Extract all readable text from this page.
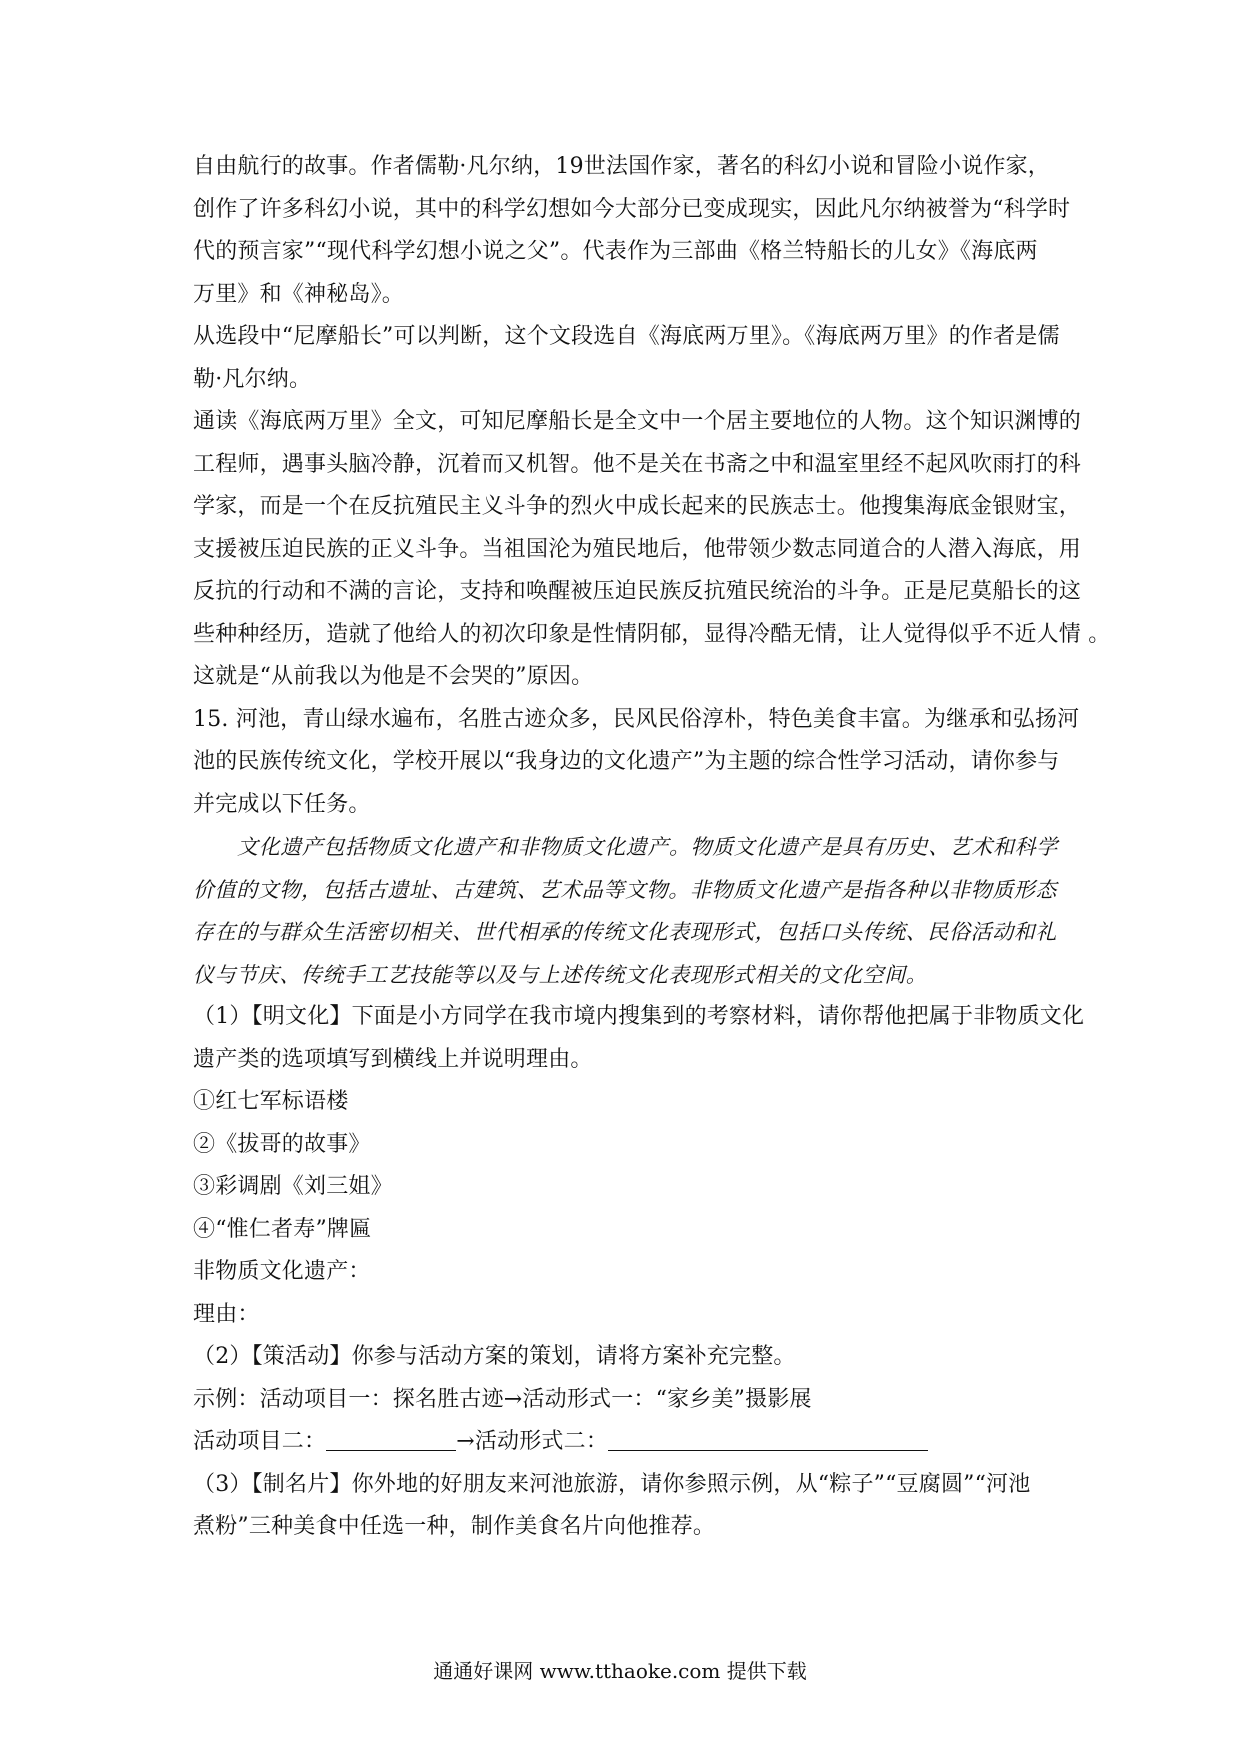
自由航行的故事。作者儒勒·凡尔纳，19世法国作家，著名的科幻小说和冒险小说作家，
创作了许多科幻小说，其中的科学幻想如今大部分已变成现实，因此凡尔纳被誉为“科学时
代的预言家”“现代科学幻想小说之父”。代表作为三部曲《格兰特船长的儿女》《海底两
万里》和《神秘岛》。
从选段中“尼摩船长”可以判断，这个文段选自《海底两万里》。《海底两万里》的作者是儒
勒·凡尔纳。
通读《海底两万里》全文，可知尼摩船长是全文中一个居主要地位的人物。这个知识渊博的
工程师，遇事头脑冷静，沉着而又机智。他不是关在书斋之中和温室里经不起风吹雨打的科
学家，而是一个在反抗殖民主义斗争的烈火中成长起来的民族志士。他搜集海底金银财宝，
支援被压迫民族的正义斗争。当祖国沦为殖民地后，他带领少数志同道合的人潜入海底，用
反抗的行动和不满的言论，支持和唤醒被压迫民族反抗殖民统治的斗争。正是尼莫船长的这
些种种经历，造就了他给人的初次印象是性情阴郁，显得冷酷无情，让人觉得似乎不近人情 。
这就是“从前我以为他是不会哭的”原因。
15. 河池，青山绿水遍布，名胜古迹众多，民风民俗淳朴，特色美食丰富。为继承和弘扬河
池的民族传统文化，学校开展以“我身边的文化遗产”为主题的综合性学习活动，请你参与
并完成以下任务。
文化遗产包括物质文化遗产和非物质文化遗产。物质文化遗产是具有历史、艺术和科学
价值的文物，包括古遗址、古建筑、艺术品等文物。非物质文化遗产是指各种以非物质形态
存在的与群众生活密切相关、世代相承的传统文化表现形式，包括口头传统、民俗活动和礼
仪与节庆、传统手工艺技能等以及与上述传统文化表现形式相关的文化空间。
（1）【明文化】下面是小方同学在我市境内搜集到的考察材料，请你帮他把属于非物质文化
遗产类的选项填写到横线上并说明理由。
①红七军标语楼
②《拔哥的故事》
③彩调剧《刘三姐》
④“惟仁者寿”牌匾
非物质文化遗产：
理由：
（2）【策活动】你参与活动方案的策划，请将方案补充完整。
示例：活动项目一：探名胜古迹→活动形式一：“家乡美”摄影展
活动项目二：	→活动形式二：
（3）【制名片】你外地的好朋友来河池旅游，请你参照示例，从“粽子”“豆腐圆”“河池
煮粉”三种美食中任选一种，制作美食名片向他推荐。
通通好课网 www.tthaoke.com 提供下载
